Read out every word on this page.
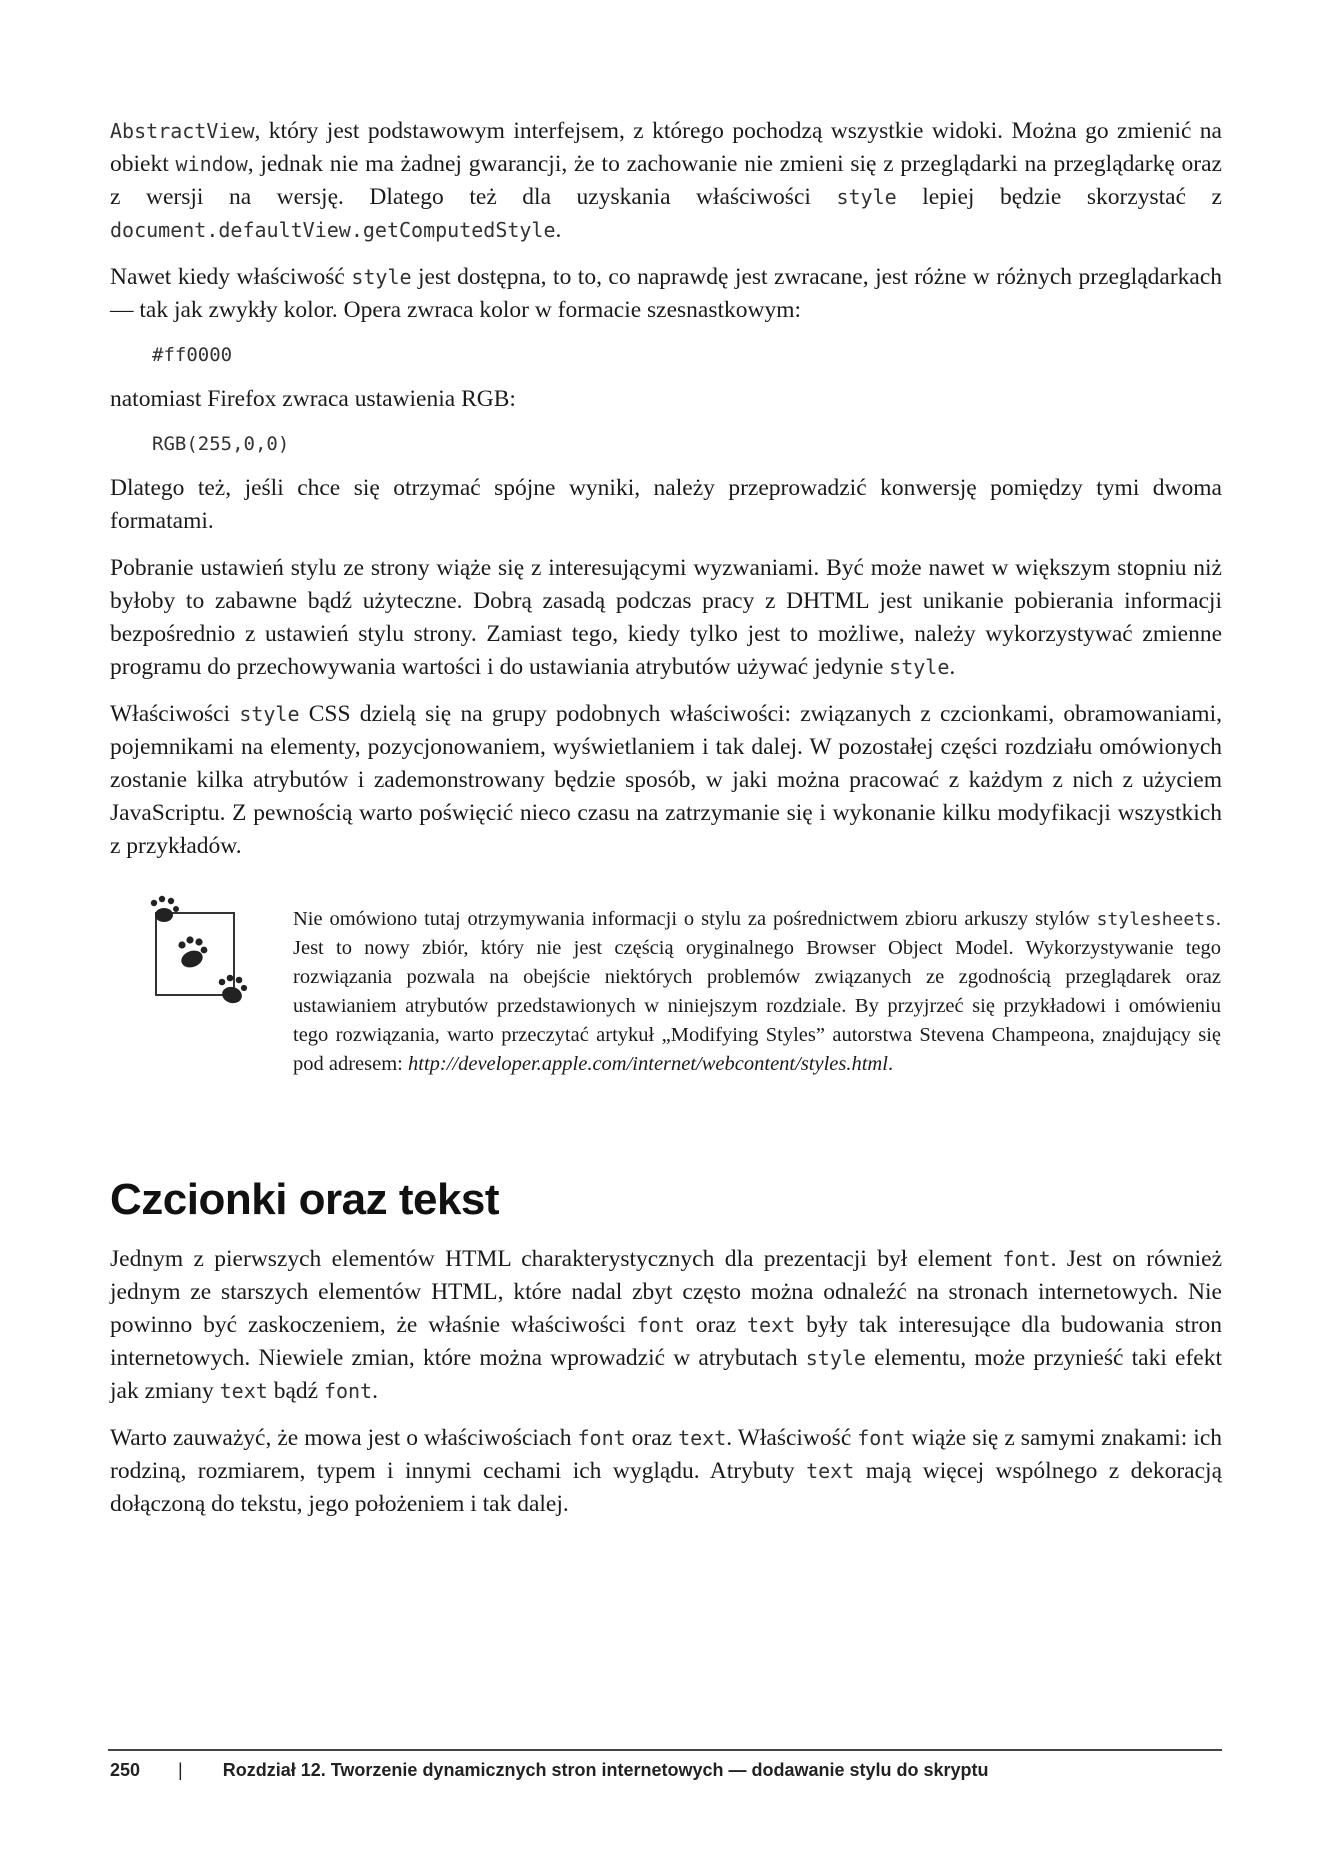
AbstractView, który jest podstawowym interfejsem, z którego pochodzą wszystkie widoki. Można go zmienić na obiekt window, jednak nie ma żadnej gwarancji, że to zachowanie nie zmieni się z przeglądarki na przeglądarkę oraz z wersji na wersję. Dlatego też dla uzyskania właściwości style lepiej będzie skorzystać z document.defaultView.getComputedStyle.

Nawet kiedy właściwość style jest dostępna, to to, co naprawdę jest zwracane, jest różne w różnych przeglądarkach — tak jak zwykły kolor. Opera zwraca kolor w formacie szesnastkowym:

#ff0000

natomiast Firefox zwraca ustawienia RGB:

RGB(255,0,0)

Dlatego też, jeśli chce się otrzymać spójne wyniki, należy przeprowadzić konwersję pomiędzy tymi dwoma formatami.

Pobranie ustawień stylu ze strony wiąże się z interesującymi wyzwaniami. Być może nawet w większym stopniu niż byłoby to zabawne bądź użyteczne. Dobrą zasadą podczas pracy z DHTML jest unikanie pobierania informacji bezpośrednio z ustawień stylu strony. Zamiast tego, kiedy tylko jest to możliwe, należy wykorzystywać zmienne programu do przechowywania wartości i do ustawiania atrybutów używać jedynie style.

Właściwości style CSS dzielą się na grupy podobnych właściwości: związanych z czcionkami, obramowaniami, pojemnikami na elementy, pozycjonowaniem, wyświetlaniem i tak dalej. W pozostałej części rozdziału omówionych zostanie kilka atrybutów i zademonstrowany będzie sposób, w jaki można pracować z każdym z nich z użyciem JavaScriptu. Z pewnością warto poświęcić nieco czasu na zatrzymanie się i wykonanie kilku modyfikacji wszystkich z przykładów.

Nie omówiono tutaj otrzymywania informacji o stylu za pośrednictwem zbioru arkuszy stylów stylesheets. Jest to nowy zbiór, który nie jest częścią oryginalnego Browser Object Model. Wykorzystywanie tego rozwiązania pozwala na obejście niektórych problemów związanych ze zgodnością przeglądarek oraz ustawianiem atrybutów przedstawionych w niniejszym rozdziale. By przyjrzeć się przykładowi i omówieniu tego rozwiązania, warto przeczytać artykuł „Modifying Styles” autorstwa Stevena Champeona, znajdujący się pod adresem: http://developer.apple.com/internet/webcontent/styles.html.
Czcionki oraz tekst

Jednym z pierwszych elementów HTML charakterystycznych dla prezentacji był element font. Jest on również jednym ze starszych elementów HTML, które nadal zbyt często można odnaleźć na stronach internetowych. Nie powinno być zaskoczeniem, że właśnie właściwości font oraz text były tak interesujące dla budowania stron internetowych. Niewiele zmian, które można wprowadzić w atrybutach style elementu, może przynieść taki efekt jak zmiany text bądź font.

Warto zauważyć, że mowa jest o właściwościach font oraz text. Właściwość font wiąże się z samymi znakami: ich rodziną, rozmiarem, typem i innymi cechami ich wyglądu. Atrybuty text mają więcej wspólnego z dekoracją dołączoną do tekstu, jego położeniem i tak dalej.

250 | Rozdział 12. Tworzenie dynamicznych stron internetowych — dodawanie stylu do skryptu
